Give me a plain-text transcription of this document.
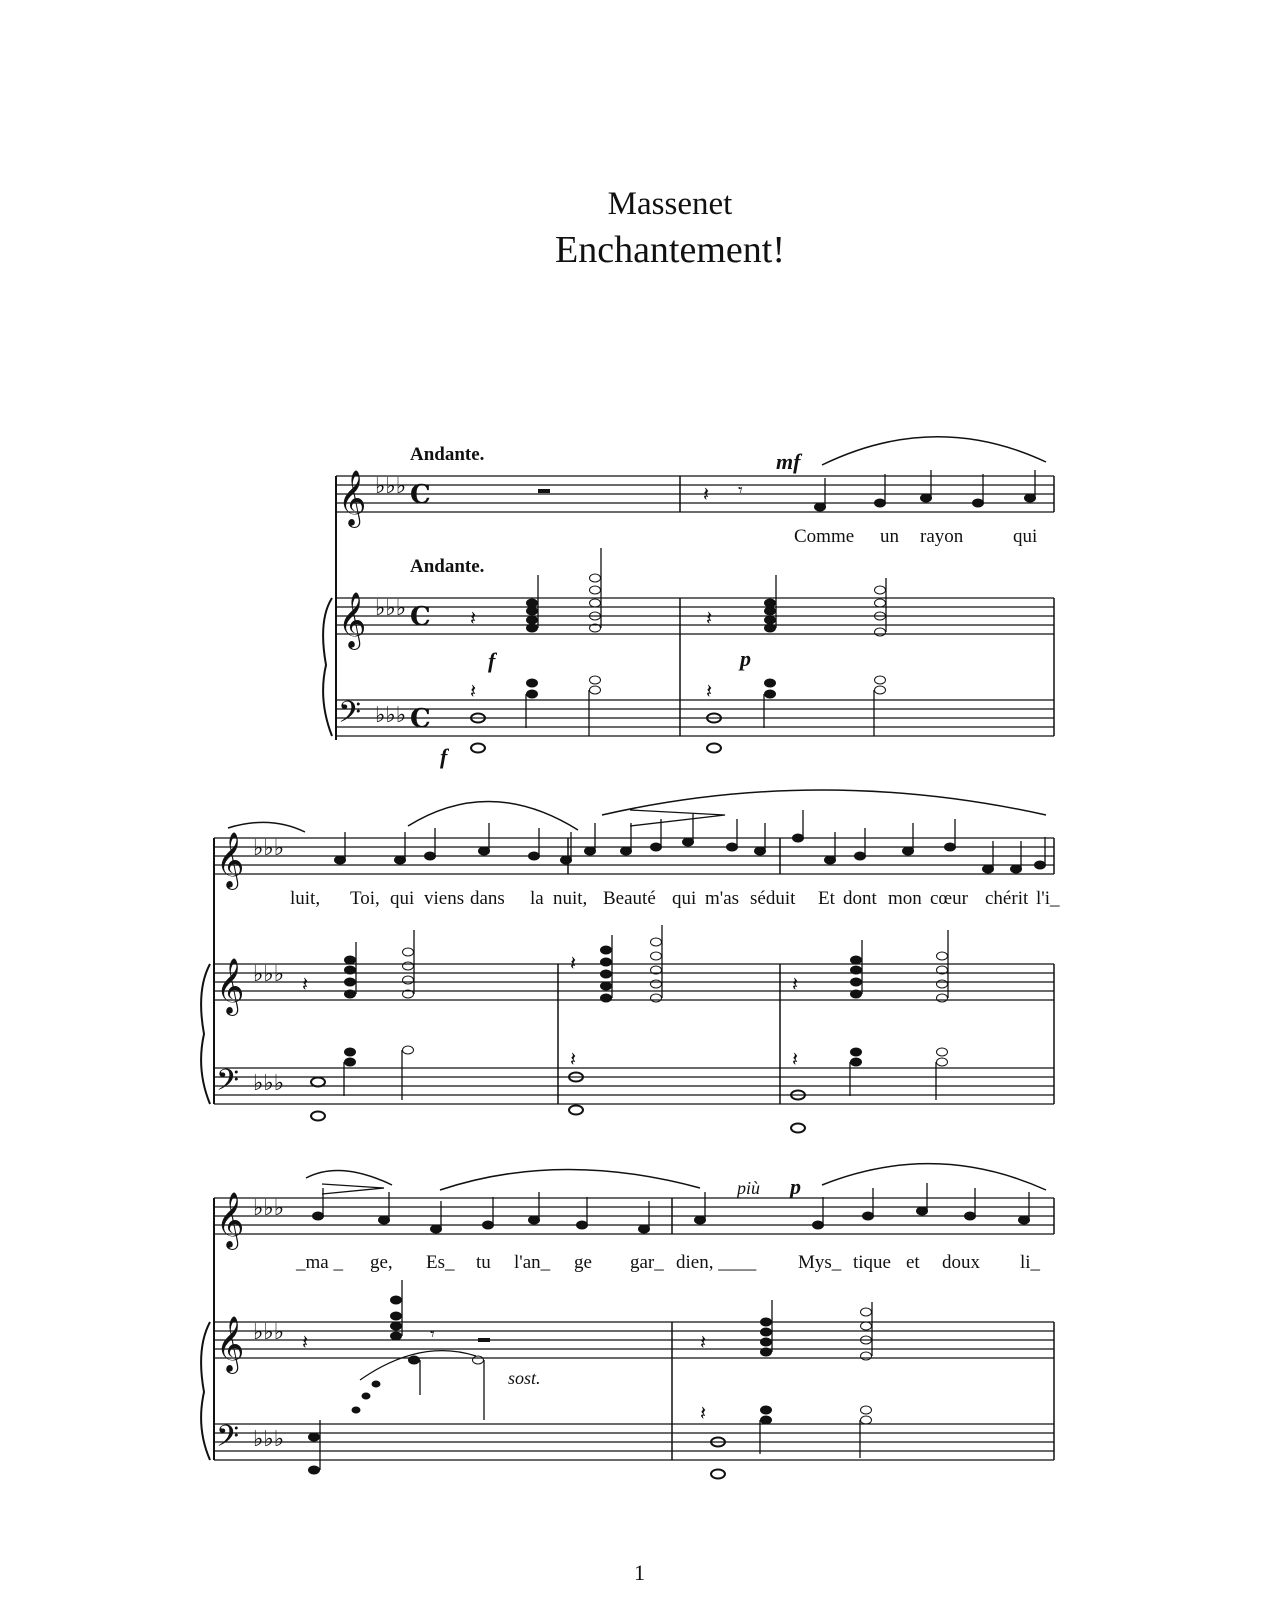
Massenet
Enchantement!
Andante.	mf
𝄞 ♭♭♭ C	𝄽 𝄾
Comme un rayon	qui
Andante.
𝄞 ♭♭♭ C 𝄽	𝄽
f	p
𝄢 ♭♭♭ C
𝄽	𝄽
f
𝄞 ♭♭♭
luit, Toi, qui viens dans la nuit, Beauté qui m'as séduit Et dont mon cœur chérit l'i_
𝄞 ♭♭♭ 𝄽
𝄽
𝄽
𝄢 ♭♭♭
𝄽	𝄽
più p
𝄞 ♭♭♭
_ma _ ge, Es_ tu l'an_ ge gar_ dien, ____ Mys_ tique et doux li_
𝄞 ♭♭♭ 𝄽	𝄾	𝄽
sost.
𝄢 ♭♭♭
𝄽
1
